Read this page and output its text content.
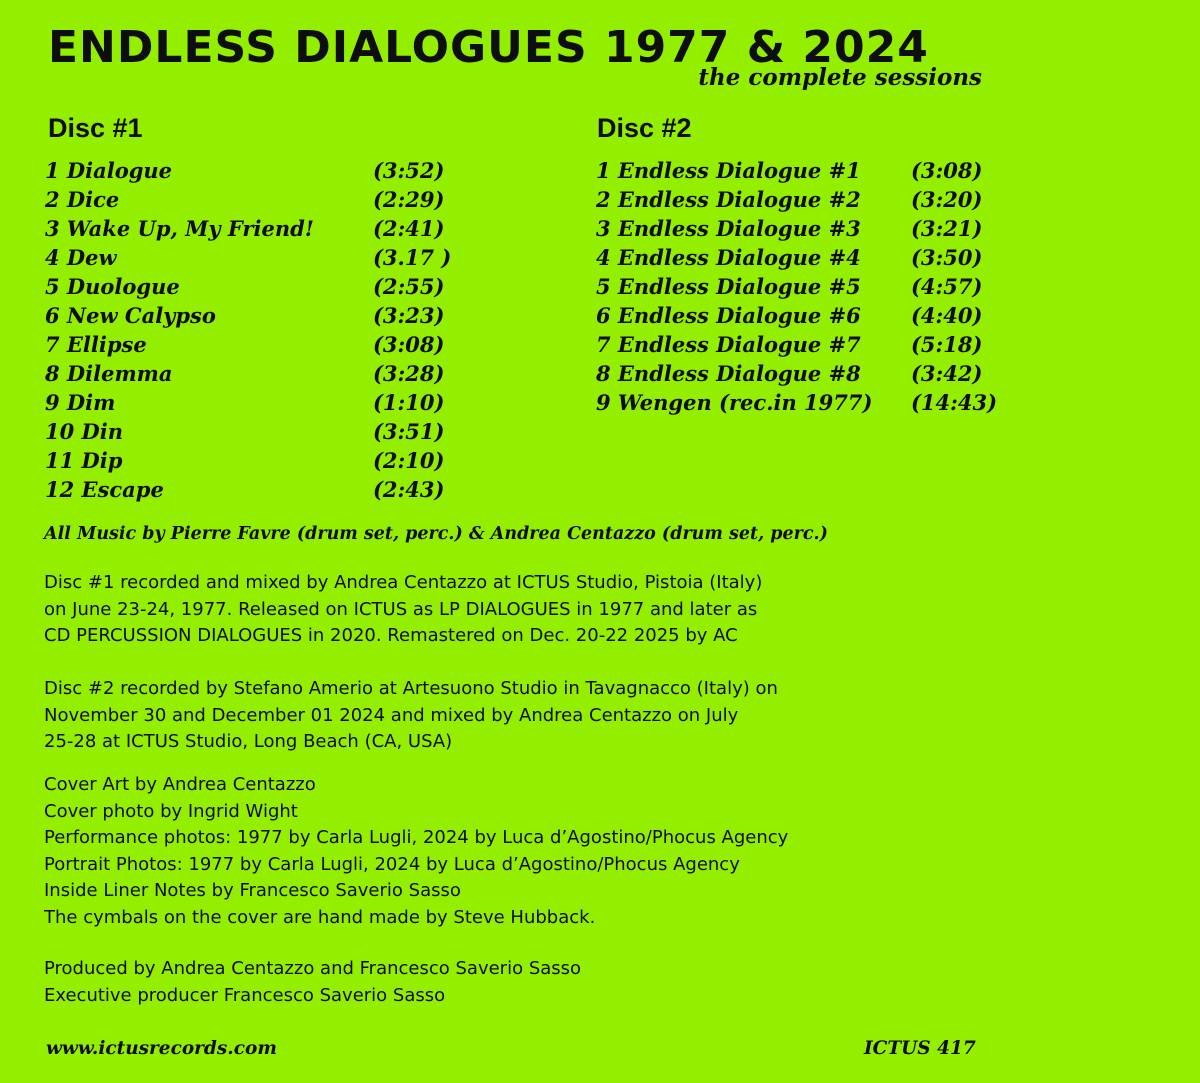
ENDLESS DIALOGUES 1977 & 2024
the complete sessions
Disc #1	Disc #2
1 Dialogue	(3:52)
2 Dice	(2:29)
3 Wake Up, My Friend!	(2:41)
4 Dew	(3.17 )
5 Duologue	(2:55)
6 New Calypso	(3:23)
7 Ellipse	(3:08)
8 Dilemma	(3:28)
9 Dim	(1:10)
10 Din	(3:51)
11 Dip	(2:10)
12 Escape	(2:43)
1 Endless Dialogue #1 (3:08)
2 Endless Dialogue #2 (3:20)
3 Endless Dialogue #3 (3:21)
4 Endless Dialogue #4 (3:50)
5 Endless Dialogue #5 (4:57)
6 Endless Dialogue #6 (4:40)
7 Endless Dialogue #7 (5:18)
8 Endless Dialogue #8 (3:42)
9 Wengen (rec.in 1977) (14:43)
All Music by Pierre Favre (drum set, perc.) & Andrea Centazzo (drum set, perc.)

Disc #1 recorded and mixed by Andrea Centazzo at ICTUS Studio, Pistoia (Italy)
on June 23-24, 1977. Released on ICTUS as LP DIALOGUES in 1977 and later as
CD PERCUSSION DIALOGUES in 2020. Remastered on Dec. 20-22 2025 by AC

Disc #2 recorded by Stefano Amerio at Artesuono Studio in Tavagnacco (Italy) on
November 30 and December 01 2024 and mixed by Andrea Centazzo on July
25-28 at ICTUS Studio, Long Beach (CA, USA)

Cover Art by Andrea Centazzo
Cover photo by Ingrid Wight
Performance photos: 1977 by Carla Lugli, 2024 by Luca d’Agostino/Phocus Agency
Portrait Photos: 1977 by Carla Lugli, 2024 by Luca d’Agostino/Phocus Agency
Inside Liner Notes by Francesco Saverio Sasso
The cymbals on the cover are hand made by Steve Hubback.

Produced by Andrea Centazzo and Francesco Saverio Sasso
Executive producer Francesco Saverio Sasso

www.ictusrecords.com	ICTUS 417
